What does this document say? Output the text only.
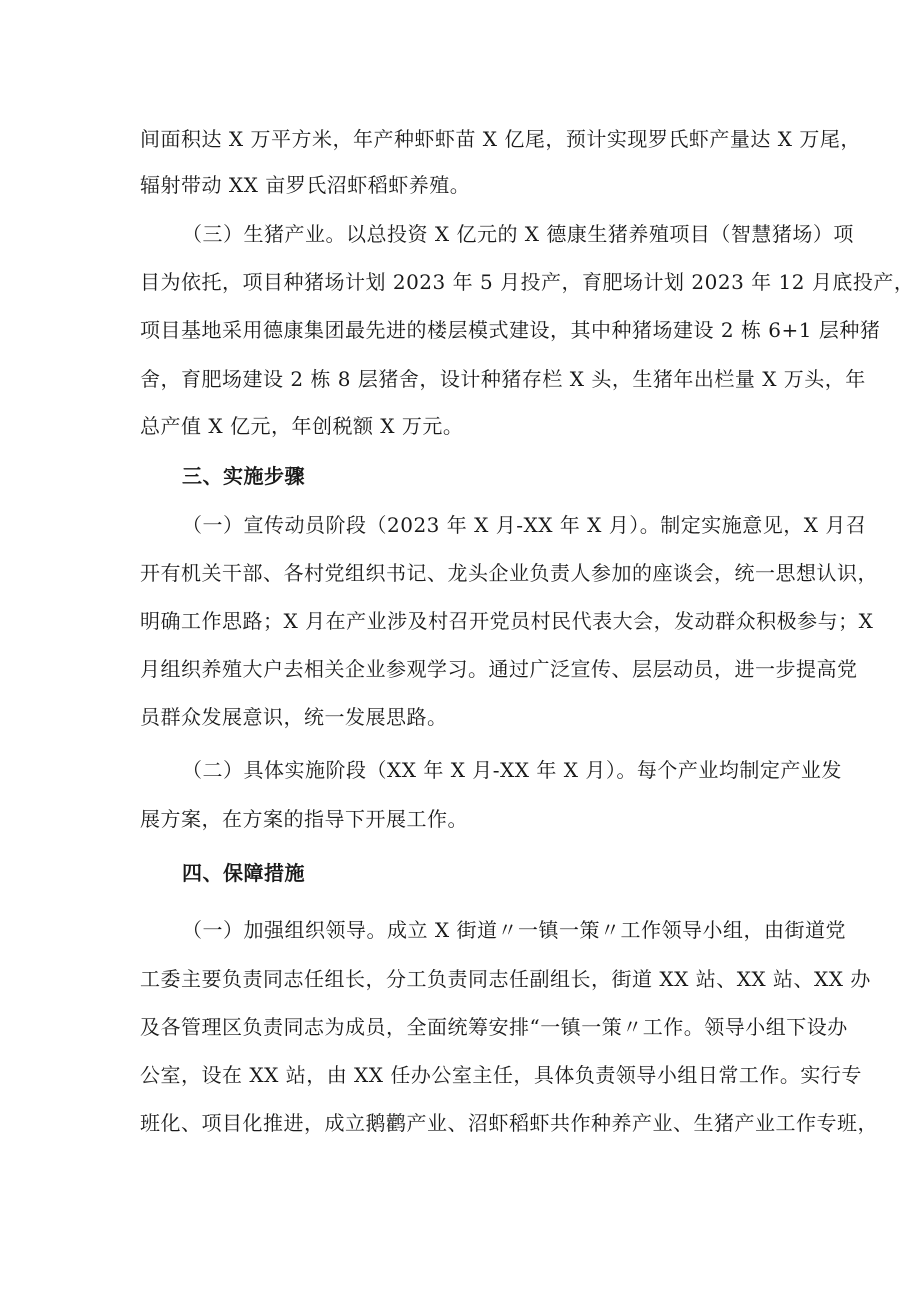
间面积达 X 万平方米，年产种虾虾苗 X 亿尾，预计实现罗氏虾产量达 X 万尾，
辐射带动 XX 亩罗氏沼虾稻虾养殖。
（三）生猪产业。以总投资 X 亿元的 X 德康生猪养殖项目（智慧猪场）项
目为依托，项目种猪场计划 2023 年 5 月投产，育肥场计划 2023 年 12 月底投产，
项目基地采用德康集团最先进的楼层模式建设，其中种猪场建设 2 栋 6+1 层种猪
舍，育肥场建设 2 栋 8 层猪舍，设计种猪存栏 X 头，生猪年出栏量 X 万头，年
总产值 X 亿元，年创税额 X 万元。
三、实施步骤
（一）宣传动员阶段（2023 年 X 月-XX 年 X 月）。制定实施意见，X 月召
开有机关干部、各村党组织书记、龙头企业负责人参加的座谈会，统一思想认识，
明确工作思路；X 月在产业涉及村召开党员村民代表大会，发动群众积极参与；X
月组织养殖大户去相关企业参观学习。通过广泛宣传、层层动员，进一步提高党
员群众发展意识，统一发展思路。
（二）具体实施阶段（XX 年 X 月-XX 年 X 月）。每个产业均制定产业发
展方案，在方案的指导下开展工作。
四、保障措施
（一）加强组织领导。成立 X 街道〃一镇一策〃工作领导小组，由街道党
工委主要负责同志任组长，分工负责同志任副组长，街道 XX 站、XX 站、XX 办
及各管理区负责同志为成员，全面统筹安排“一镇一策〃工作。领导小组下设办
公室，设在 XX 站，由 XX 任办公室主任，具体负责领导小组日常工作。实行专
班化、项目化推进，成立鹅鹳产业、沼虾稻虾共作种养产业、生猪产业工作专班，
